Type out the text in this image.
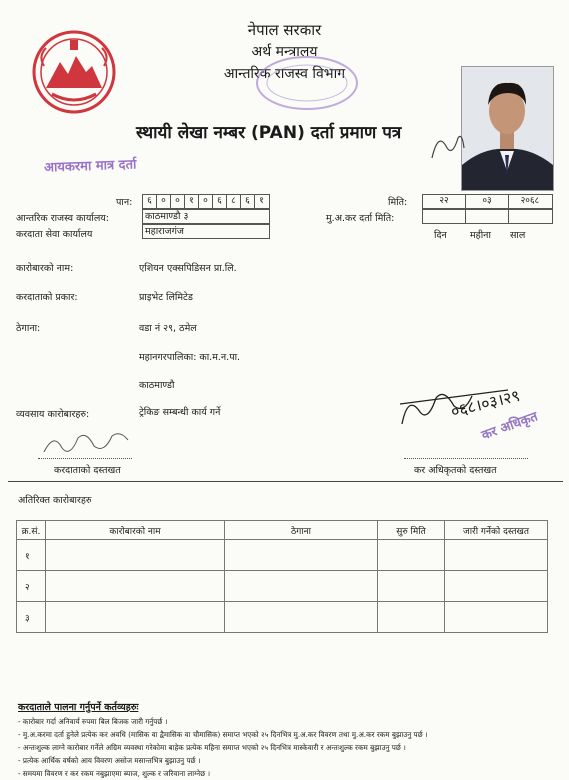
नेपाल सरकार
अर्थ मन्त्रालय
आन्तरिक राजस्व विभाग
स्थायी लेखा नम्बर (PAN) दर्ता प्रमाण पत्र
आयकरमा मात्र दर्ता
पान:	६	०	०	१	०	६	८	६	१	मिति:	२२	०३	२०६८
मु.अ.कर दर्ता मिति:
दिन महीना साल
आन्तरिक राजस्व कार्यालय:	काठमाण्डौ ३
करदाता सेवा कार्यालय	महाराजगंज
कारोबारको नाम:	एशियन एक्सपिडिसन प्रा.लि.
करदाताको प्रकार:	प्राइभेट लिमिटेड
ठेगाना:	वडा नं २९, ठमेल
महानगरपालिका: का.म.न.पा.
काठमाण्डौ
व्यवसाय कारोबारहरु:	ट्रेकिङ सम्बन्धी कार्य गर्ने
करदाताको दस्तखत
०६८।०३।२९
कर अधिकृत
कर अधिकृतको दस्तखत
अतिरिक्त कारोबारहरु
क्र.सं.	कारोबारको नाम	ठेगाना	सुरु मिति	जारी गर्नेको दस्तखत
१				
२				
३				
करदाताले पालना गर्नुपर्ने कर्तव्यहरुः
- कारोबार गर्दा अनिवार्य रुपमा बिल बिजक जारी गर्नुपर्छ ।
- मु.अ.करमा दर्ता हुनेले प्रत्येक कर अवधि (मासिक वा द्वैमासिक वा चौमासिक) समाप्त भएको २५ दिनभित्र मु.अ.कर विवरण तथा मु.अ.कर रकम बुझाउनु पर्छ ।
- अन्तःशुल्क लाग्ने कारोबार गर्नेले अग्रिम व्यवस्था गरेकोमा बाहेक प्रत्येक महिना समाप्त भएको २५ दिनभित्र मास्केवारी र अन्तःशुल्क रकम बुझाउनु पर्छ ।
- प्रत्येक आर्थिक वर्षको आय विवरण असोज मसान्तभित्र बुझाउनु पर्छ ।
- समयमा विवरण र कर रकम नबुझाएमा ब्याज, शुल्क र जरिवाना लाग्नेछ ।
